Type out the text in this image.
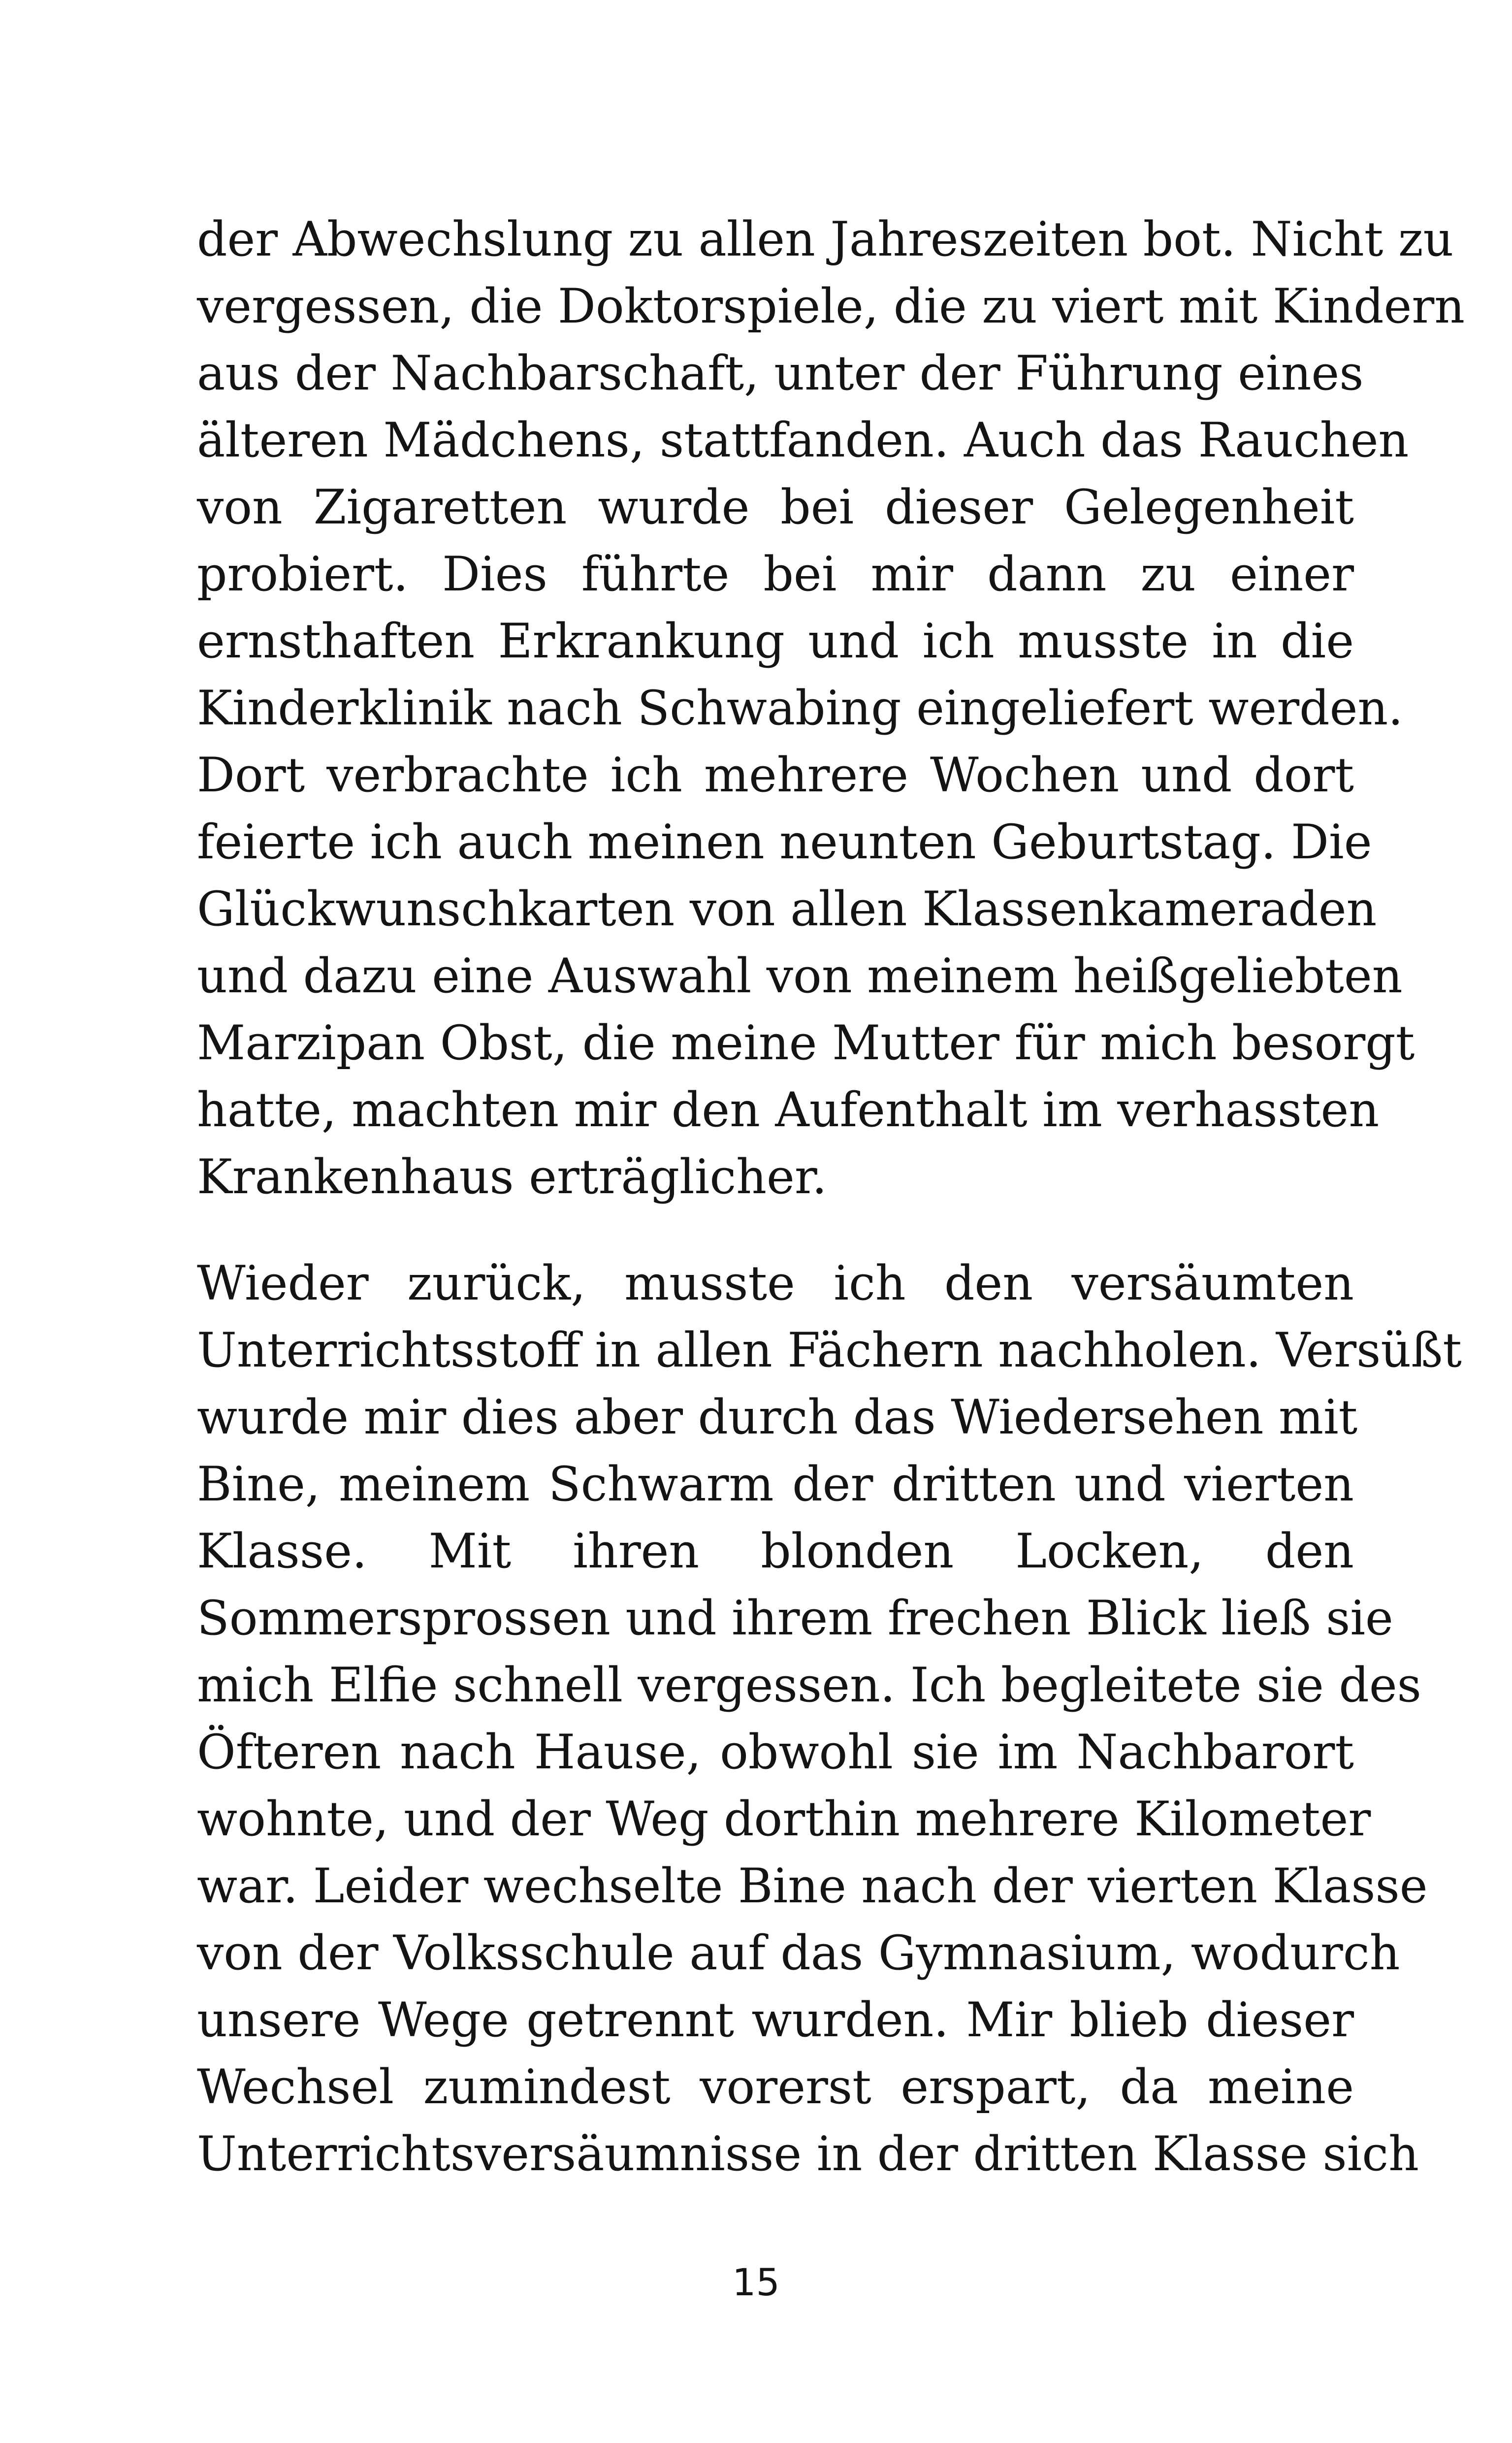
der Abwechslung zu allen Jahreszeiten bot. Nicht zu
vergessen, die Doktorspiele, die zu viert mit Kindern
aus der Nachbarschaft, unter der Führung eines
älteren Mädchens, stattfanden. Auch das Rauchen
von Zigaretten wurde bei dieser Gelegenheit
probiert. Dies führte bei mir dann zu einer
ernsthaften Erkrankung und ich musste in die
Kinderklinik nach Schwabing eingeliefert werden.
Dort verbrachte ich mehrere Wochen und dort
feierte ich auch meinen neunten Geburtstag. Die
Glückwunschkarten von allen Klassenkameraden
und dazu eine Auswahl von meinem heißgeliebten
Marzipan Obst, die meine Mutter für mich besorgt
hatte, machten mir den Aufenthalt im verhassten
Krankenhaus erträglicher.
Wieder zurück, musste ich den versäumten
Unterrichtsstoff in allen Fächern nachholen. Versüßt
wurde mir dies aber durch das Wiedersehen mit
Bine, meinem Schwarm der dritten und vierten
Klasse. Mit ihren blonden Locken, den
Sommersprossen und ihrem frechen Blick ließ sie
mich Elfie schnell vergessen. Ich begleitete sie des
Öfteren nach Hause, obwohl sie im Nachbarort
wohnte, und der Weg dorthin mehrere Kilometer
war. Leider wechselte Bine nach der vierten Klasse
von der Volksschule auf das Gymnasium, wodurch
unsere Wege getrennt wurden. Mir blieb dieser
Wechsel zumindest vorerst erspart, da meine
Unterrichtsversäumnisse in der dritten Klasse sich
15
